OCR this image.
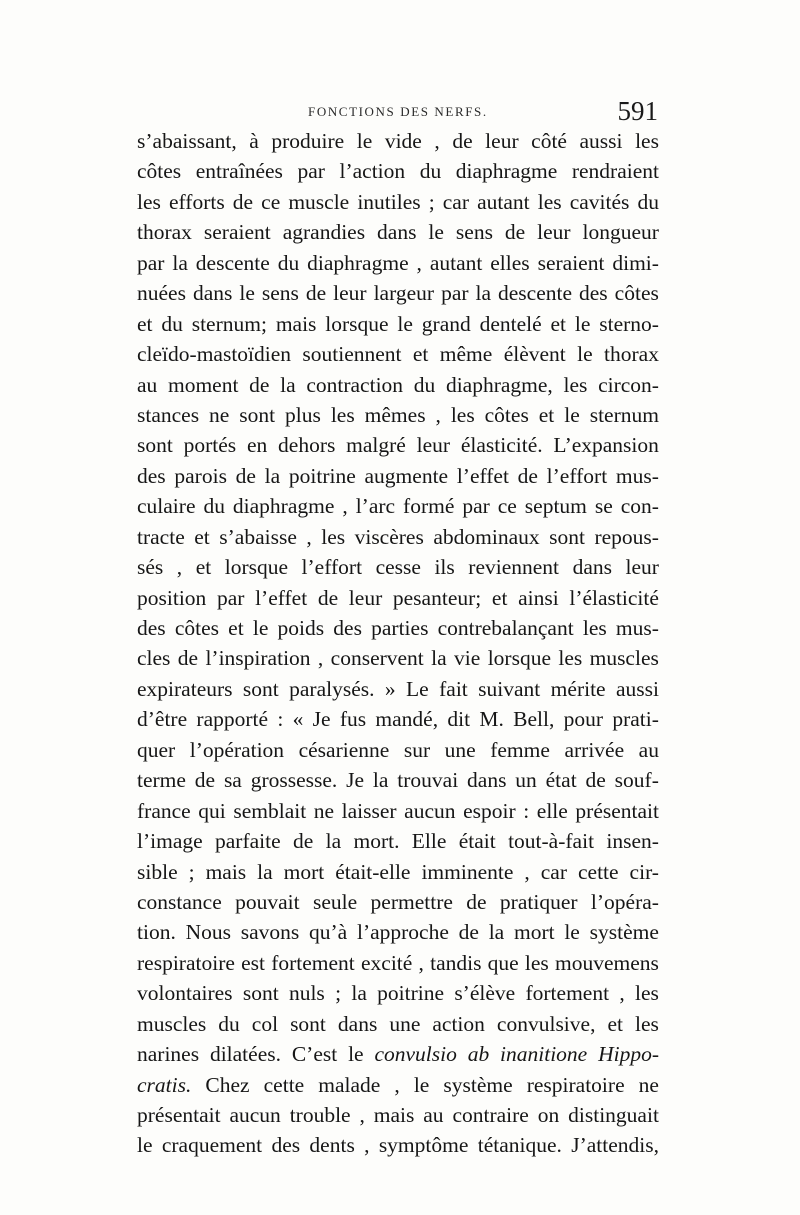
FONCTIONS DES NERFS.	591
s’abaissant, à produire le vide , de leur côté aussi les
côtes entraînées par l’action du diaphragme rendraient
les efforts de ce muscle inutiles ; car autant les cavités du
thorax seraient agrandies dans le sens de leur longueur
par la descente du diaphragme , autant elles seraient dimi-
nuées dans le sens de leur largeur par la descente des côtes
et du sternum; mais lorsque le grand dentelé et le sterno-
cleïdo-mastoïdien soutiennent et même élèvent le thorax
au moment de la contraction du diaphragme, les circon-
stances ne sont plus les mêmes , les côtes et le sternum
sont portés en dehors malgré leur élasticité. L’expansion
des parois de la poitrine augmente l’effet de l’effort mus-
culaire du diaphragme , l’arc formé par ce septum se con-
tracte et s’abaisse , les viscères abdominaux sont repous-
sés , et lorsque l’effort cesse ils reviennent dans leur
position par l’effet de leur pesanteur; et ainsi l’élasticité
des côtes et le poids des parties contrebalançant les mus-
cles de l’inspiration , conservent la vie lorsque les muscles
expirateurs sont paralysés. » Le fait suivant mérite aussi
d’être rapporté : « Je fus mandé, dit M. Bell, pour prati-
quer l’opération césarienne sur une femme arrivée au
terme de sa grossesse. Je la trouvai dans un état de souf-
france qui semblait ne laisser aucun espoir : elle présentait
l’image parfaite de la mort. Elle était tout-à-fait insen-
sible ; mais la mort était-elle imminente , car cette cir-
constance pouvait seule permettre de pratiquer l’opéra-
tion. Nous savons qu’à l’approche de la mort le système
respiratoire est fortement excité , tandis que les mouvemens
volontaires sont nuls ; la poitrine s’élève fortement , les
muscles du col sont dans une action convulsive, et les
narines dilatées. C’est le convulsio ab inanitione Hippo-
cratis. Chez cette malade , le système respiratoire ne
présentait aucun trouble , mais au contraire on distinguait
le craquement des dents , symptôme tétanique. J’attendis,
